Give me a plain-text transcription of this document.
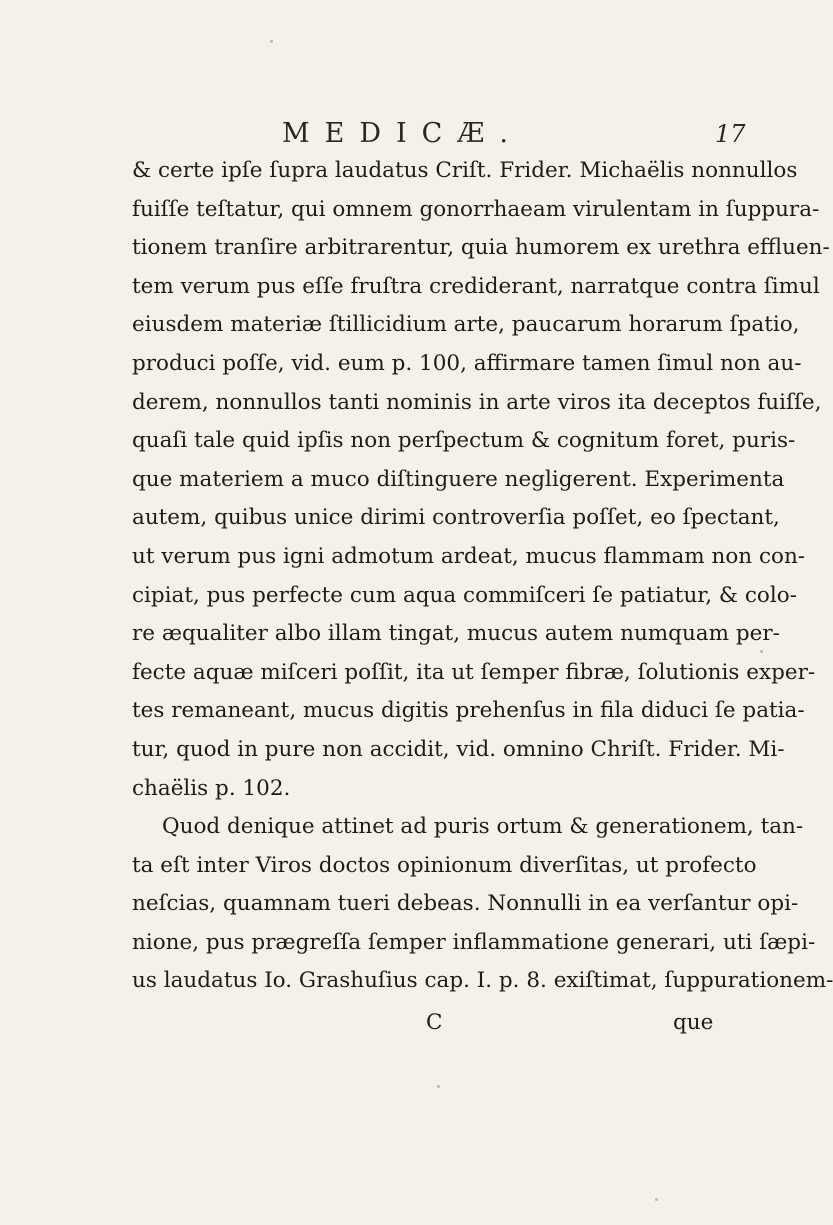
MEDICÆ.	17
& certe ipſe ſupra laudatus Criſt. Frider. Michaëlis nonnullos
fuiſſe teſtatur, qui omnem gonorrhaeam virulentam in ſuppura-
tionem tranſire arbitrarentur, quia humorem ex urethra effluen-
tem verum pus eſſe fruſtra crediderant, narratque contra ſimul
eiusdem materiæ ſtillicidium arte, paucarum horarum ſpatio,
produci poſſe, vid. eum p. 100, affirmare tamen ſimul non au-
derem, nonnullos tanti nominis in arte viros ita deceptos fuiſſe,
quaſi tale quid ipſis non perſpectum & cognitum foret, puris-
que materiem a muco diſtinguere negligerent. Experimenta
autem, quibus unice dirimi controverſia poſſet, eo ſpectant,
ut verum pus igni admotum ardeat, mucus flammam non con-
cipiat, pus perfecte cum aqua commiſceri ſe patiatur, & colo-
re æqualiter albo illam tingat, mucus autem numquam per-
fecte aquæ miſceri poſſit, ita ut ſemper fibræ, ſolutionis exper-
tes remaneant, mucus digitis prehenſus in fila diduci ſe patia-
tur, quod in pure non accidit, vid. omnino Chriſt. Frider. Mi-
chaëlis p. 102.
Quod denique attinet ad puris ortum & generationem, tan-
ta eſt inter Viros doctos opinionum diverſitas, ut profecto
neſcias, quamnam tueri debeas. Nonnulli in ea verſantur opi-
nione, pus prægreſſa ſemper inflammatione generari, uti ſæpi-
us laudatus Io. Grashuſius cap. I. p. 8. exiſtimat, ſuppurationem-
C	que
